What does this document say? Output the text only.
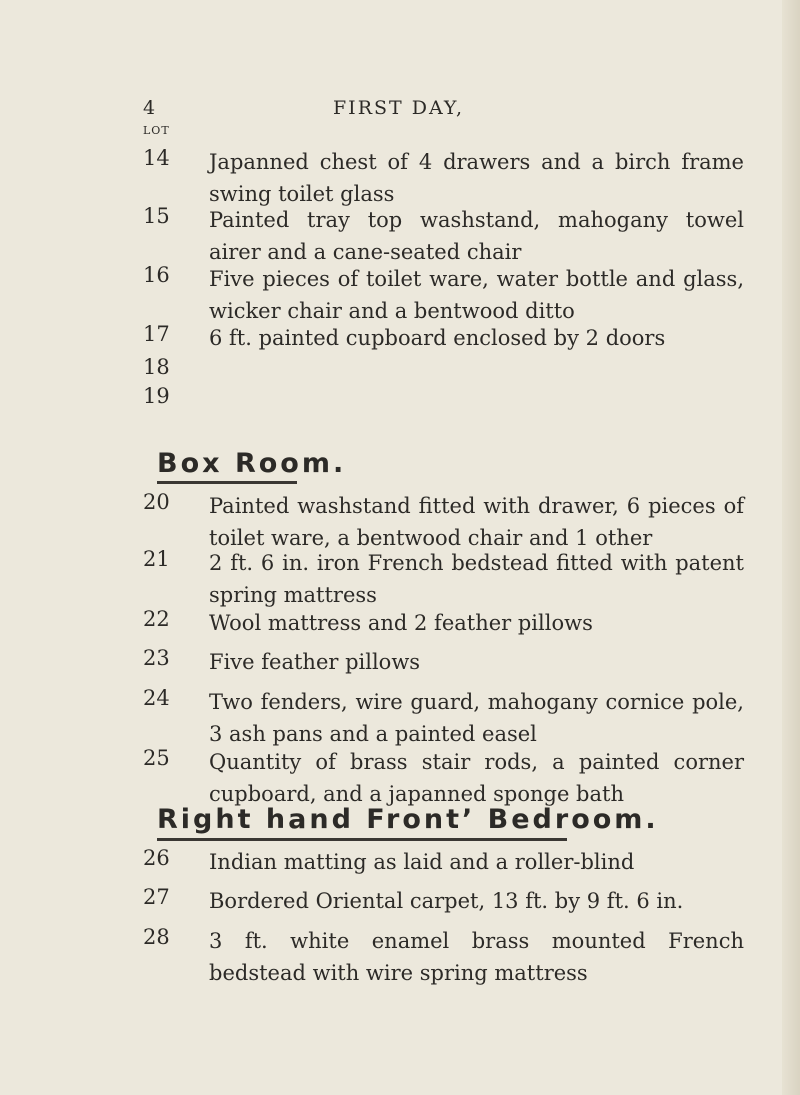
4	FIRST DAY,
LOT
14 Japanned chest of 4 drawers and a birch frame swing toilet glass
15 Painted tray top washstand, mahogany towel airer and a cane-seated chair
16 Five pieces of toilet ware, water bottle and glass, wicker chair and a bentwood ditto
17 6 ft. painted cupboard enclosed by 2 doors
18
19
Box Room.
20 Painted washstand fitted with drawer, 6 pieces of toilet ware, a bentwood chair and 1 other
21 2 ft. 6 in. iron French bedstead fitted with patent spring mattress
22 Wool mattress and 2 feather pillows
23 Five feather pillows
24 Two fenders, wire guard, mahogany cornice pole, 3 ash pans and a painted easel
25 Quantity of brass stair rods, a painted corner cupboard, and a japanned sponge bath
Right hand Front’ Bedroom.
26 Indian matting as laid and a roller-blind
27 Bordered Oriental carpet, 13 ft. by 9 ft. 6 in.
28 3 ft. white enamel brass mounted French bedstead with wire spring mattress
